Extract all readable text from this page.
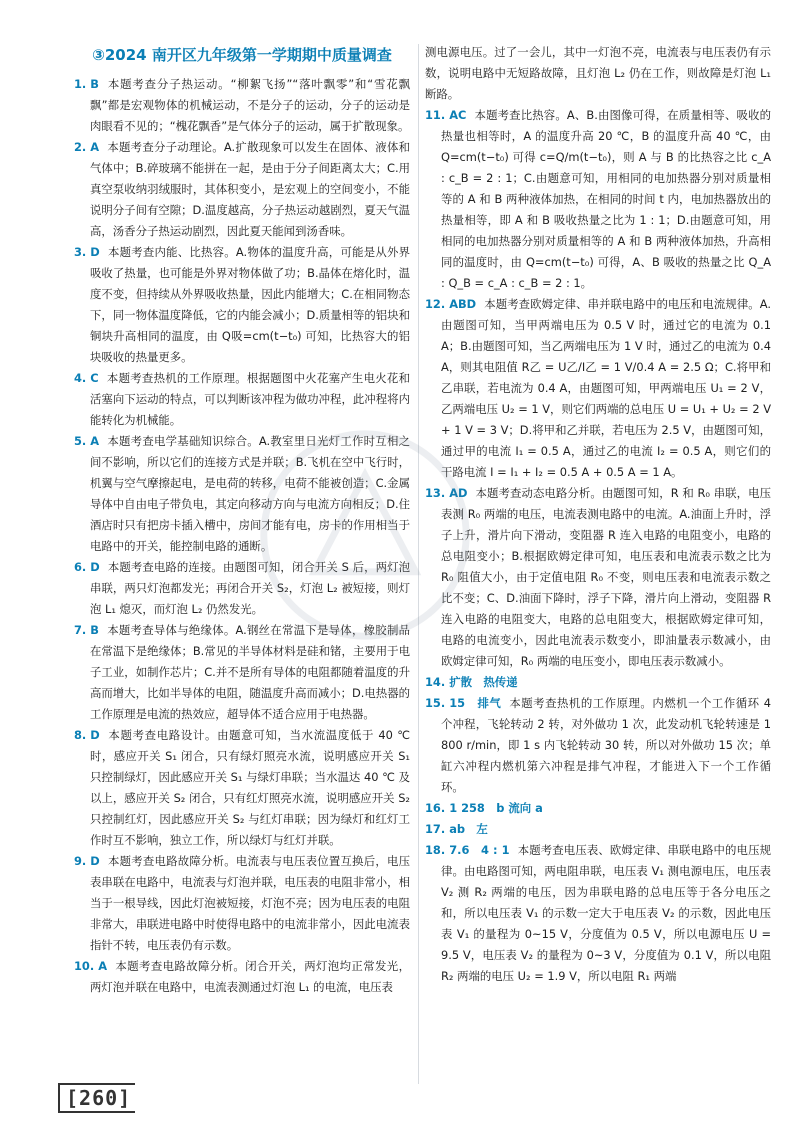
③2024 南开区九年级第一学期期中质量调查
1. B 本题考查分子热运动。“柳絮飞扬”“落叶飘零”和“雪花飘飘”都是宏观物体的机械运动，不是分子的运动，分子的运动是肉眼看不见的；“槐花飘香”是气体分子的运动，属于扩散现象。
2. A 本题考查分子动理论。A.扩散现象可以发生在固体、液体和气体中；B.碎玻璃不能拼在一起，是由于分子间距离太大；C.用真空泵收纳羽绒服时，其体积变小，是宏观上的空间变小，不能说明分子间有空隙；D.温度越高，分子热运动越剧烈，夏天气温高，汤香分子热运动剧烈，因此夏天能闻到汤香味。
3. D 本题考查内能、比热容。A.物体的温度升高，可能是从外界吸收了热量，也可能是外界对物体做了功；B.晶体在熔化时，温度不变，但持续从外界吸收热量，因此内能增大；C.在相同物态下，同一物体温度降低，它的内能会减小；D.质量相等的铝块和铜块升高相同的温度，由 Q吸=cm(t−t₀) 可知，比热容大的铝块吸收的热量更多。
4. C 本题考查热机的工作原理。根据题图中火花塞产生电火花和活塞向下运动的特点，可以判断该冲程为做功冲程，此冲程将内能转化为机械能。
5. A 本题考查电学基础知识综合。A.教室里日光灯工作时互相之间不影响，所以它们的连接方式是并联；B.飞机在空中飞行时，机翼与空气摩擦起电，是电荷的转移，电荷不能被创造；C.金属导体中自由电子带负电，其定向移动方向与电流方向相反；D.住酒店时只有把房卡插入槽中，房间才能有电，房卡的作用相当于电路中的开关，能控制电路的通断。
6. D 本题考查电路的连接。由题图可知，闭合开关 S 后，两灯泡串联，两只灯泡都发光；再闭合开关 S₂，灯泡 L₂ 被短接，则灯泡 L₁ 熄灭，而灯泡 L₂ 仍然发光。
7. B 本题考查导体与绝缘体。A.钢丝在常温下是导体，橡胶制品在常温下是绝缘体；B.常见的半导体材料是硅和锗，主要用于电子工业，如制作芯片；C.并不是所有导体的电阻都随着温度的升高而增大，比如半导体的电阻，随温度升高而减小；D.电热器的工作原理是电流的热效应，超导体不适合应用于电热器。
8. D 本题考查电路设计。由题意可知，当水流温度低于 40 ℃ 时，感应开关 S₁ 闭合，只有绿灯照亮水流，说明感应开关 S₁ 只控制绿灯，因此感应开关 S₁ 与绿灯串联；当水温达 40 ℃ 及以上，感应开关 S₂ 闭合，只有红灯照亮水流，说明感应开关 S₂ 只控制红灯，因此感应开关 S₂ 与红灯串联；因为绿灯和红灯工作时互不影响，独立工作，所以绿灯与红灯并联。
9. D 本题考查电路故障分析。电流表与电压表位置互换后，电压表串联在电路中，电流表与灯泡并联，电压表的电阻非常小，相当于一根导线，因此灯泡被短接，灯泡不亮；因为电压表的电阻非常大，串联进电路中时使得电路中的电流非常小，因此电流表指针不转，电压表仍有示数。
10. A 本题考查电路故障分析。闭合开关，两灯泡均正常发光，两灯泡并联在电路中，电流表测通过灯泡 L₁ 的电流，电压表
测电源电压。过了一会儿，其中一灯泡不亮，电流表与电压表仍有示数，说明电路中无短路故障，且灯泡 L₂ 仍在工作，则故障是灯泡 L₁ 断路。
11. AC 本题考查比热容。A、B.由图像可得，在质量相等、吸收的热量也相等时，A 的温度升高 20 ℃，B 的温度升高 40 ℃，由 Q=cm(t−t₀) 可得 c=Q/m(t−t₀)，则 A 与 B 的比热容之比 c_A : c_B = 2 : 1；C.由题意可知，用相同的电加热器分别对质量相等的 A 和 B 两种液体加热，在相同的时间 t 内，电加热器放出的热量相等，即 A 和 B 吸收热量之比为 1 : 1；D.由题意可知，用相同的电加热器分别对质量相等的 A 和 B 两种液体加热，升高相同的温度时，由 Q=cm(t−t₀) 可得，A、B 吸收的热量之比 Q_A : Q_B = c_A : c_B = 2 : 1。
12. ABD 本题考查欧姆定律、串并联电路中的电压和电流规律。A.由题图可知，当甲两端电压为 0.5 V 时，通过它的电流为 0.1 A；B.由题图可知，当乙两端电压为 1 V 时，通过乙的电流为 0.4 A，则其电阻值 R乙 = U乙/I乙 = 1 V/0.4 A = 2.5 Ω；C.将甲和乙串联，若电流为 0.4 A，由题图可知，甲两端电压 U₁ = 2 V，乙两端电压 U₂ = 1 V，则它们两端的总电压 U = U₁ + U₂ = 2 V + 1 V = 3 V；D.将甲和乙并联，若电压为 2.5 V，由题图可知，通过甲的电流 I₁ = 0.5 A，通过乙的电流 I₂ = 0.5 A，则它们的干路电流 I = I₁ + I₂ = 0.5 A + 0.5 A = 1 A。
13. AD 本题考查动态电路分析。由题图可知，R 和 R₀ 串联，电压表测 R₀ 两端的电压，电流表测电路中的电流。A.油面上升时，浮子上升，滑片向下滑动，变阻器 R 连入电路的电阻变小，电路的总电阻变小；B.根据欧姆定律可知，电压表和电流表示数之比为 R₀ 阻值大小，由于定值电阻 R₀ 不变，则电压表和电流表示数之比不变；C、D.油面下降时，浮子下降，滑片向上滑动，变阻器 R 连入电路的电阻变大，电路的总电阻变大，根据欧姆定律可知，电路的电流变小，因此电流表示数变小，即油量表示数减小，由欧姆定律可知，R₀ 两端的电压变小，即电压表示数减小。
14. 扩散　热传递
15. 15　排气 本题考查热机的工作原理。内燃机一个工作循环 4 个冲程，飞轮转动 2 转，对外做功 1 次，此发动机飞轮转速是 1 800 r/min，即 1 s 内飞轮转动 30 转，所以对外做功 15 次；单缸六冲程内燃机第六冲程是排气冲程，才能进入下一个工作循环。
16. 1 258　b 流向 a
17. ab　左
18. 7.6　4 : 1 本题考查电压表、欧姆定律、串联电路中的电压规律。由电路图可知，两电阻串联，电压表 V₁ 测电源电压，电压表 V₂ 测 R₂ 两端的电压，因为串联电路的总电压等于各分电压之和，所以电压表 V₁ 的示数一定大于电压表 V₂ 的示数，因此电压表 V₁ 的量程为 0~15 V，分度值为 0.5 V，所以电源电压 U = 9.5 V，电压表 V₂ 的量程为 0~3 V，分度值为 0.1 V，所以电阻 R₂ 两端的电压 U₂ = 1.9 V，所以电阻 R₁ 两端
[260]
